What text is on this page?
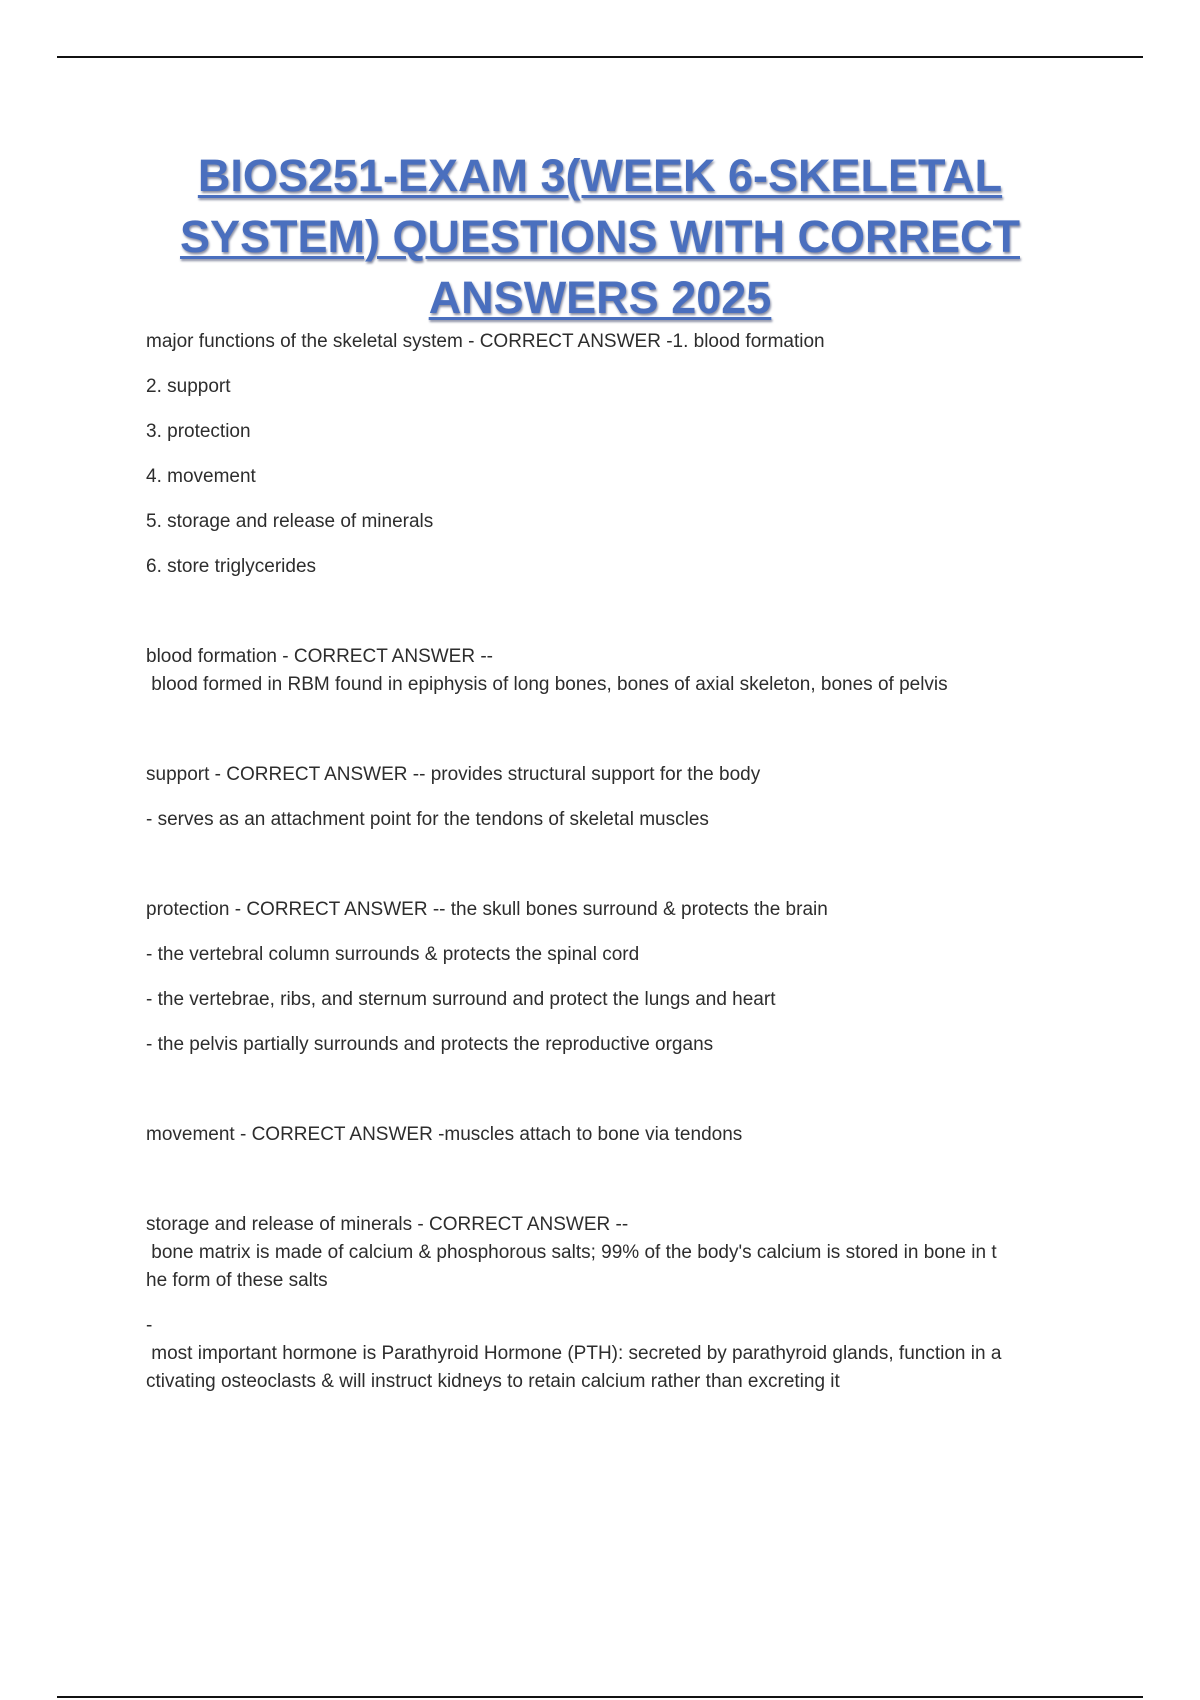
BIOS251-EXAM 3(WEEK 6-SKELETAL SYSTEM) QUESTIONS WITH CORRECT ANSWERS 2025

major functions of the skeletal system - CORRECT ANSWER -1. blood formation

2. support

3. protection

4. movement

5. storage and release of minerals

6. store triglycerides

blood formation - CORRECT ANSWER --

blood formed in RBM found in epiphysis of long bones, bones of axial skeleton, bones of pelvis

support - CORRECT ANSWER -- provides structural support for the body

- serves as an attachment point for the tendons of skeletal muscles

protection - CORRECT ANSWER -- the skull bones surround & protects the brain

- the vertebral column surrounds & protects the spinal cord

- the vertebrae, ribs, and sternum surround and protect the lungs and heart

- the pelvis partially surrounds and protects the reproductive organs

movement - CORRECT ANSWER -muscles attach to bone via tendons

storage and release of minerals - CORRECT ANSWER --

bone matrix is made of calcium & phosphorous salts; 99% of the body's calcium is stored in bone in t

he form of these salts

-

most important hormone is Parathyroid Hormone (PTH): secreted by parathyroid glands, function in a

ctivating osteoclasts & will instruct kidneys to retain calcium rather than excreting it
